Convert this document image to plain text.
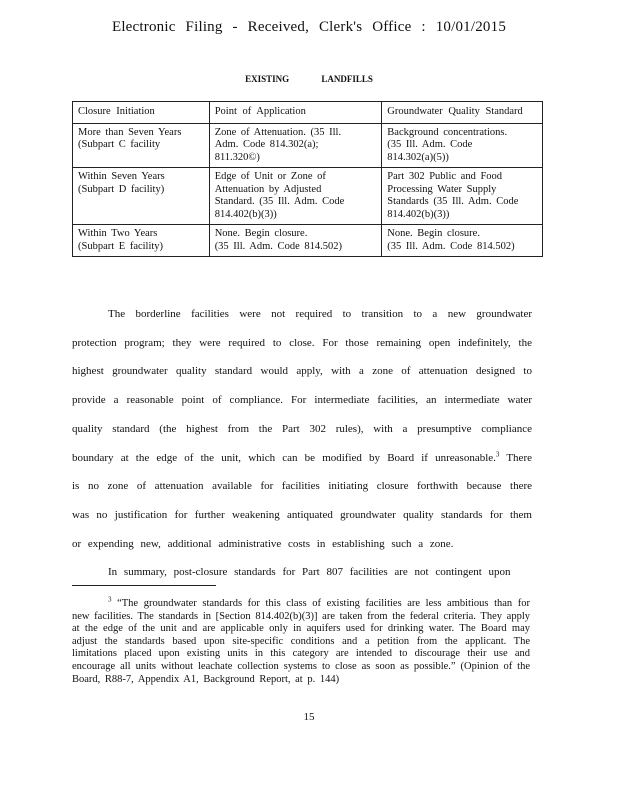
Electronic Filing - Received, Clerk's Office : 10/01/2015
EXISTING LANDFILLS
Closure Initiation	Point of Application	Groundwater Quality Standard

More than Seven Years
(Subpart C facility	Zone of Attenuation. (35 Ill.
Adm. Code 814.302(a);
811.320©)	Background concentrations.
(35 Ill. Adm. Code
814.302(a)(5))

Within Seven Years
(Subpart D facility)	Edge of Unit or Zone of
Attenuation by Adjusted
Standard. (35 Ill. Adm. Code
814.402(b)(3))	Part 302 Public and Food
Processing Water Supply
Standards (35 Ill. Adm. Code
814.402(b)(3))

Within Two Years
(Subpart E facility)	None. Begin closure.
(35 Ill. Adm. Code 814.502)	None. Begin closure.
(35 Ill. Adm. Code 814.502)

The borderline facilities were not required to transition to a new groundwater protection program; they were required to close. For those remaining open indefinitely, the highest groundwater quality standard would apply, with a zone of attenuation designed to provide a reasonable point of compliance. For intermediate facilities, an intermediate water quality standard (the highest from the Part 302 rules), with a presumptive compliance boundary at the edge of the unit, which can be modified by Board if unreasonable.$^3$ There is no zone of attenuation available for facilities initiating closure forthwith because there was no justification for further weakening antiquated groundwater quality standards for them or expending new, additional administrative costs in establishing such a zone.

In summary, post-closure standards for Part 807 facilities are not contingent upon

$^3$ “The groundwater standards for this class of existing facilities are less ambitious than for new facilities. The standards in [Section 814.402(b)(3)] are taken from the federal criteria. They apply at the edge of the unit and are applicable only in aquifers used for drinking water. The Board may adjust the standards based upon site-specific conditions and a petition from the applicant. The limitations placed upon existing units in this category are intended to discourage their use and encourage all units without leachate collection systems to close as soon as possible.” (Opinion of the Board, R88-7, Appendix A1, Background Report, at p. 144)

15
